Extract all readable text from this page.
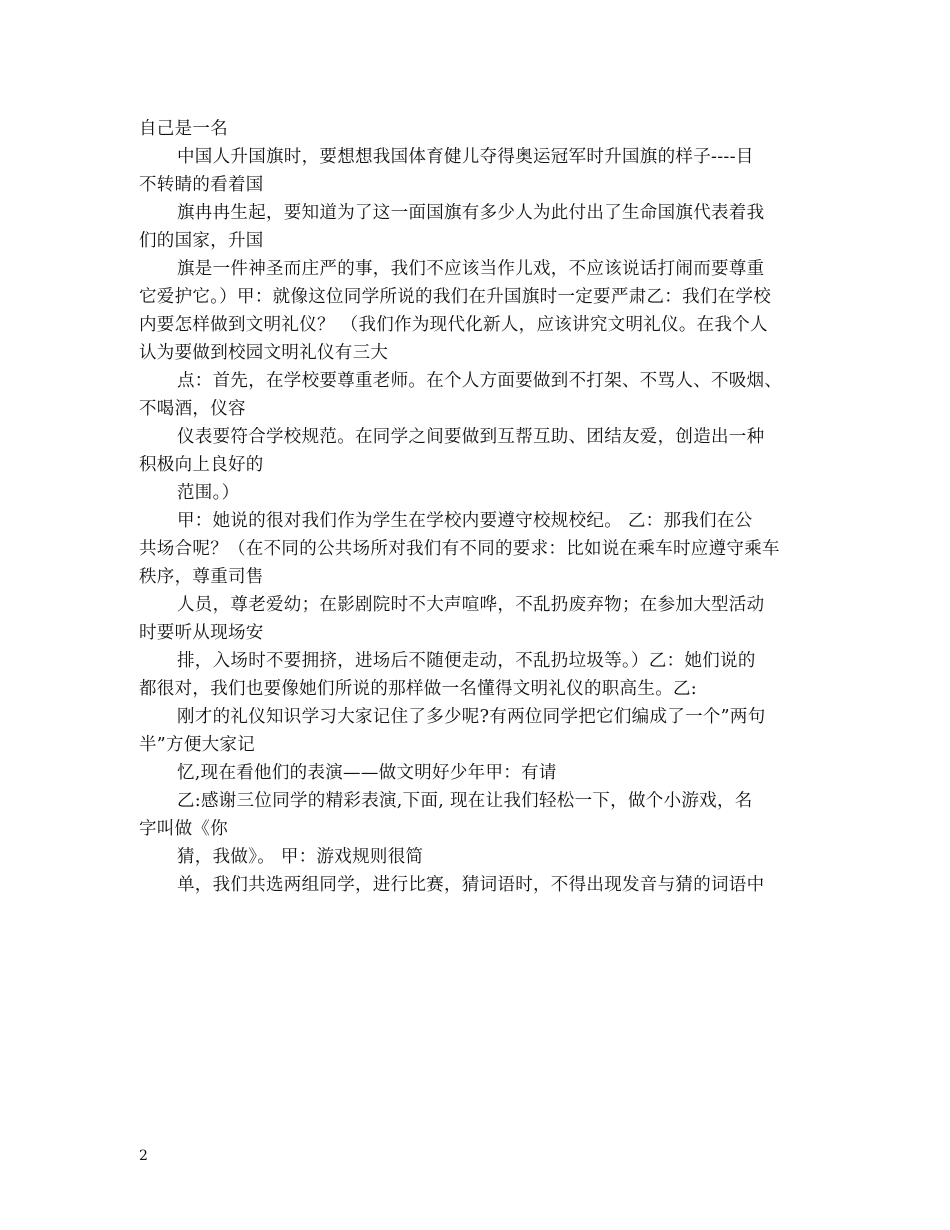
自己是一名

中国人升国旗时，要想想我国体育健儿夺得奥运冠军时升国旗的样子----目

不转睛的看着国

旗冉冉生起，要知道为了这一面国旗有多少人为此付出了生命国旗代表着我

们的国家，升国

旗是一件神圣而庄严的事，我们不应该当作儿戏，不应该说话打闹而要尊重

它爱护它。）甲：就像这位同学所说的我们在升国旗时一定要严肃乙：我们在学校

内要怎样做到文明礼仪？ （我们作为现代化新人，应该讲究文明礼仪。在我个人

认为要做到校园文明礼仪有三大

点：首先，在学校要尊重老师。在个人方面要做到不打架、不骂人、不吸烟、

不喝酒，仪容

仪表要符合学校规范。在同学之间要做到互帮互助、团结友爱，创造出一种

积极向上良好的

范围。）

甲：她说的很对我们作为学生在学校内要遵守校规校纪。 乙：那我们在公

共场合呢？（在不同的公共场所对我们有不同的要求：比如说在乘车时应遵守乘车

秩序，尊重司售

人员，尊老爱幼；在影剧院时不大声喧哗，不乱扔废弃物；在参加大型活动

时要听从现场安

排，入场时不要拥挤，进场后不随便走动，不乱扔垃圾等。）乙：她们说的

都很对，我们也要像她们所说的那样做一名懂得文明礼仪的职高生。乙:

刚才的礼仪知识学习大家记住了多少呢?有两位同学把它们编成了一个”两句

半”方便大家记

忆,现在看他们的表演——做文明好少年甲：有请

乙:感谢三位同学的精彩表演,下面, 现在让我们轻松一下，做个小游戏，名

字叫做《你

猜，我做》。 甲：游戏规则很简

单，我们共选两组同学，进行比赛，猜词语时，不得出现发音与猜的词语中

2
